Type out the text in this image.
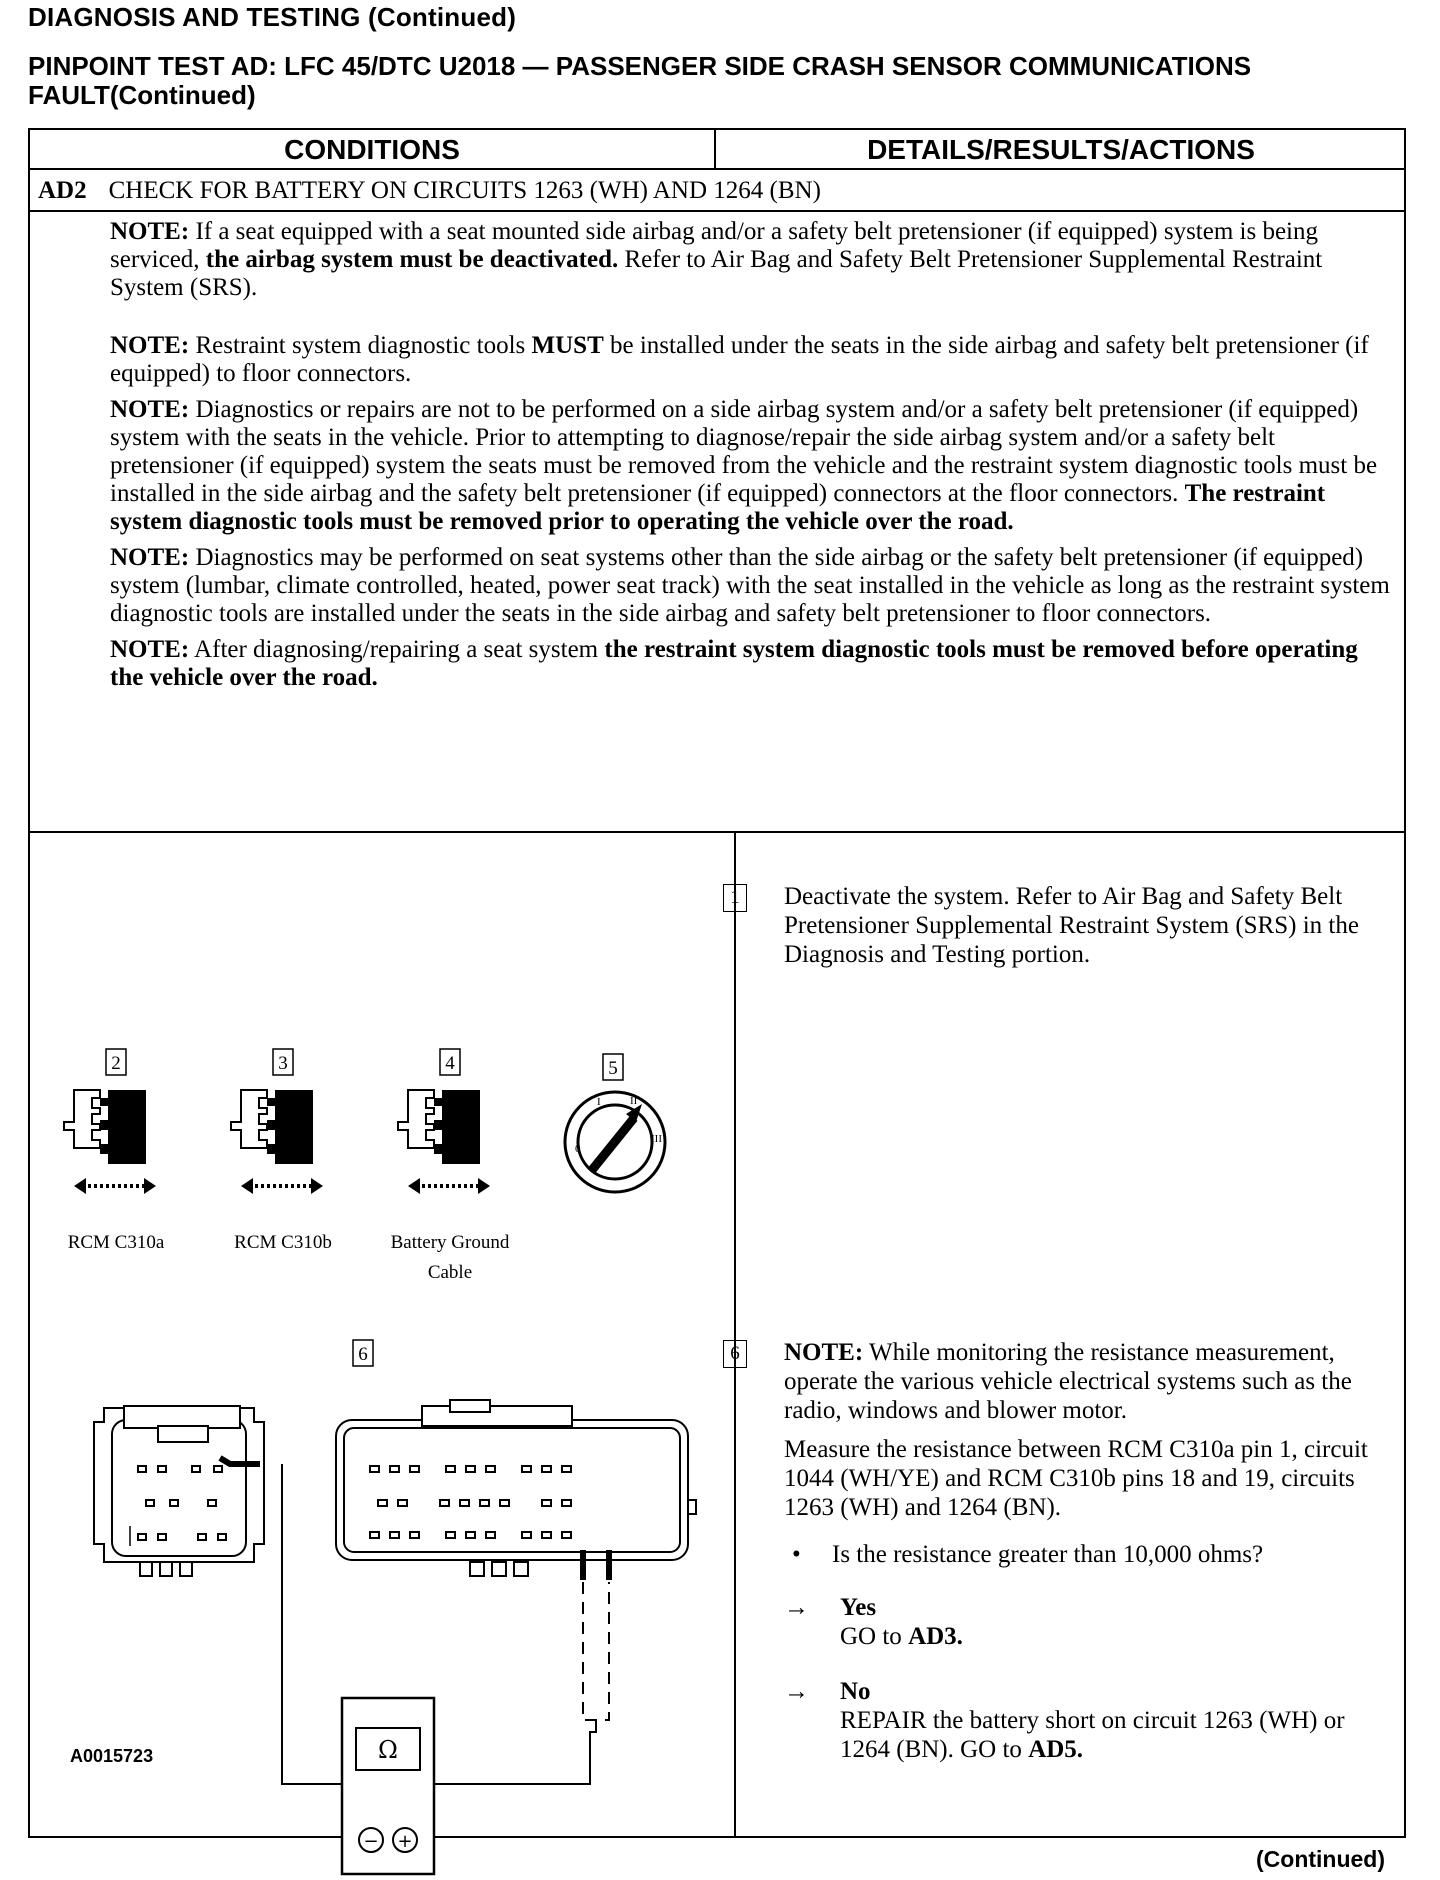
DIAGNOSIS AND TESTING (Continued)
PINPOINT TEST AD: LFC 45/DTC U2018 — PASSENGER SIDE CRASH SENSOR COMMUNICATIONS FAULT(Continued)
CONDITIONS	DETAILS/RESULTS/ACTIONS
AD2 CHECK FOR BATTERY ON CIRCUITS 1263 (WH) AND 1264 (BN)

NOTE: If a seat equipped with a seat mounted side airbag and/or a safety belt pretensioner (if equipped) system is being serviced, the airbag system must be deactivated. Refer to Air Bag and Safety Belt Pretensioner Supplemental Restraint System (SRS).

NOTE: Restraint system diagnostic tools MUST be installed under the seats in the side airbag and safety belt pretensioner (if equipped) to floor connectors.

NOTE: Diagnostics or repairs are not to be performed on a side airbag system and/or a safety belt pretensioner (if equipped) system with the seats in the vehicle. Prior to attempting to diagnose/repair the side airbag system and/or a safety belt pretensioner (if equipped) system the seats must be removed from the vehicle and the restraint system diagnostic tools must be installed in the side airbag and the safety belt pretensioner (if equipped) connectors at the floor connectors. The restraint system diagnostic tools must be removed prior to operating the vehicle over the road.

NOTE: Diagnostics may be performed on seat systems other than the side airbag or the safety belt pretensioner (if equipped) system (lumbar, climate controlled, heated, power seat track) with the seat installed in the vehicle as long as the restraint system diagnostic tools are installed under the seats in the side airbag and safety belt pretensioner to floor connectors.

NOTE: After diagnosing/repairing a seat system the restraint system diagnostic tools must be removed before operating the vehicle over the road.

2	3	4	5
0
I	II
III
RCM C310a	RCM C310b	Battery Ground
Cable
6
Ω
− +
A0015723
1 Deactivate the system. Refer to Air Bag and Safety Belt Pretensioner Supplemental Restraint System (SRS) in the Diagnosis and Testing portion.

6 NOTE: While monitoring the resistance measurement, operate the various vehicle electrical systems such as the radio, windows and blower motor.

Measure the resistance between RCM C310a pin 1, circuit 1044 (WH/YE) and RCM C310b pins 18 and 19, circuits 1263 (WH) and 1264 (BN).

• Is the resistance greater than 10,000 ohms?

→	Yes
GO to AD3.
→	No
REPAIR the battery short on circuit 1263 (WH) or 1264 (BN). GO to AD5.
(Continued)
